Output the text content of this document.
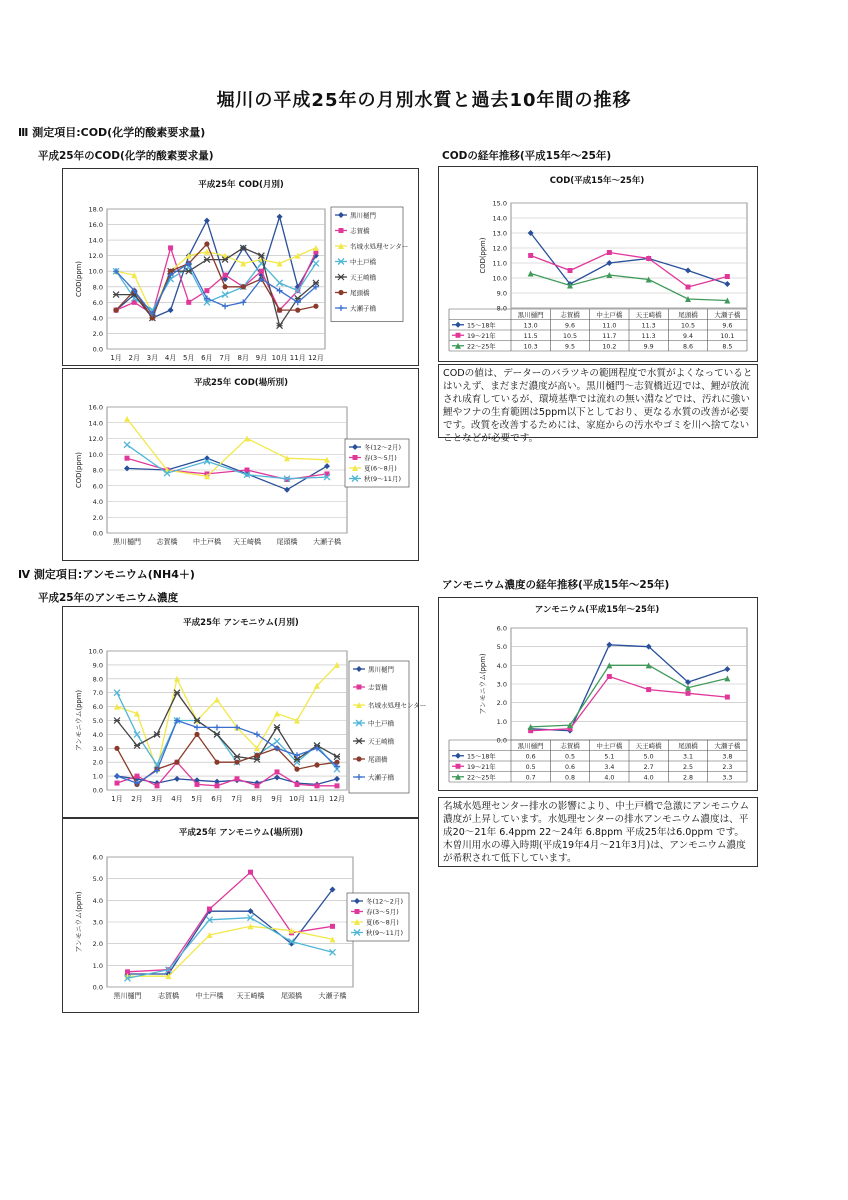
堀川の平成25年の月別水質と過去10年間の推移
Ⅲ 測定項目:COD(化学的酸素要求量)
平成25年のCOD(化学的酸素要求量)	CODの経年推移(平成15年～25年)
Ⅳ 測定項目:アンモニウム(NH4＋)
平成25年のアンモニウム濃度
アンモニウム濃度の経年推移(平成15年～25年)
平成25年 COD(月別)
0.0
2.0
4.0
6.0
8.0
10.0
12.0
14.0
16.0
18.0
COD(ppm)
1月 2月 3月 4月 5月 6月 7月 8月 9月 10月 11月 12月
黒川樋門
志賀橋
名城水処理センター
中土戸橋
天王崎橋
尾頭橋
大瀬子橋
平成25年 COD(場所別)
0.0
2.0
4.0
6.0
8.0
10.0
12.0
14.0
16.0
COD(ppm)
黒川樋門 志賀橋 中土戸橋 天王崎橋 尾頭橋 大瀬子橋
冬(12～2月)
春(3～5月)
夏(6～8月)
秋(9～11月)
COD(平成15年～25年)
8.0
9.0
10.0
11.0
12.0
13.0
14.0
15.0
COD(ppm)
黒川樋門	志賀橋	中土戸橋 天王崎橋	尾頭橋	大瀬子橋
15～18年	13.0	9.6	11.0	11.3	10.5	9.6
19～21年	11.5	10.5	11.7	11.3	9.4	10.1
22～25年	10.3	9.5	10.2	9.9	8.6	8.5
CODの値は、データーのバラツキの範囲程度で水質がよくなっているとはいえず、まだまだ濃度が高い。黒川樋門～志賀橋近辺では、鯉が放流され成育しているが、環境基準では流れの無い淵などでは、汚れに強い鯉やフナの生育範囲は5ppm以下としており、更なる水質の改善が必要です。改質を改善するためには、家庭からの汚水やゴミを川へ捨てないことなどが必要です。
平成25年 アンモニウム(月別)
0.0
1.0
2.0
3.0
4.0
5.0
6.0
7.0
8.0
9.0
10.0
アンモニウム(ppm)
1月 2月 3月 4月 5月 6月 7月 8月 9月 10月 11月 12月
黒川樋門
志賀橋
名城水処理センター
中土戸橋
天王崎橋
尾頭橋
大瀬子橋
平成25年 アンモニウム(場所別)
0.0
1.0
2.0
3.0
4.0
5.0
6.0
アンモニウム(ppm)
黒川樋門 志賀橋 中土戸橋 天王崎橋 尾頭橋 大瀬子橋
冬(12～2月)
春(3～5月)
夏(6～8月)
秋(9～11月)
アンモニウム(平成15年～25年)
0.0
1.0
2.0
3.0
4.0
5.0
6.0
アンモニウム(ppm)
黒川樋門	志賀橋	中土戸橋 天王崎橋	尾頭橋	大瀬子橋
15～18年	0.6	0.5	5.1	5.0	3.1	3.8
19～21年	0.5	0.6	3.4	2.7	2.5	2.3
22～25年	0.7	0.8	4.0	4.0	2.8	3.3
名城水処理センター排水の影響により、中土戸橋で急激にアンモニウム濃度が上昇しています。水処理センターの排水アンモニウム濃度は、平成20～21年 6.4ppm 22～24年 6.8ppm 平成25年は6.0ppm です。木曽川用水の導入時期(平成19年4月～21年3月)は、アンモニウム濃度が希釈されて低下しています。
